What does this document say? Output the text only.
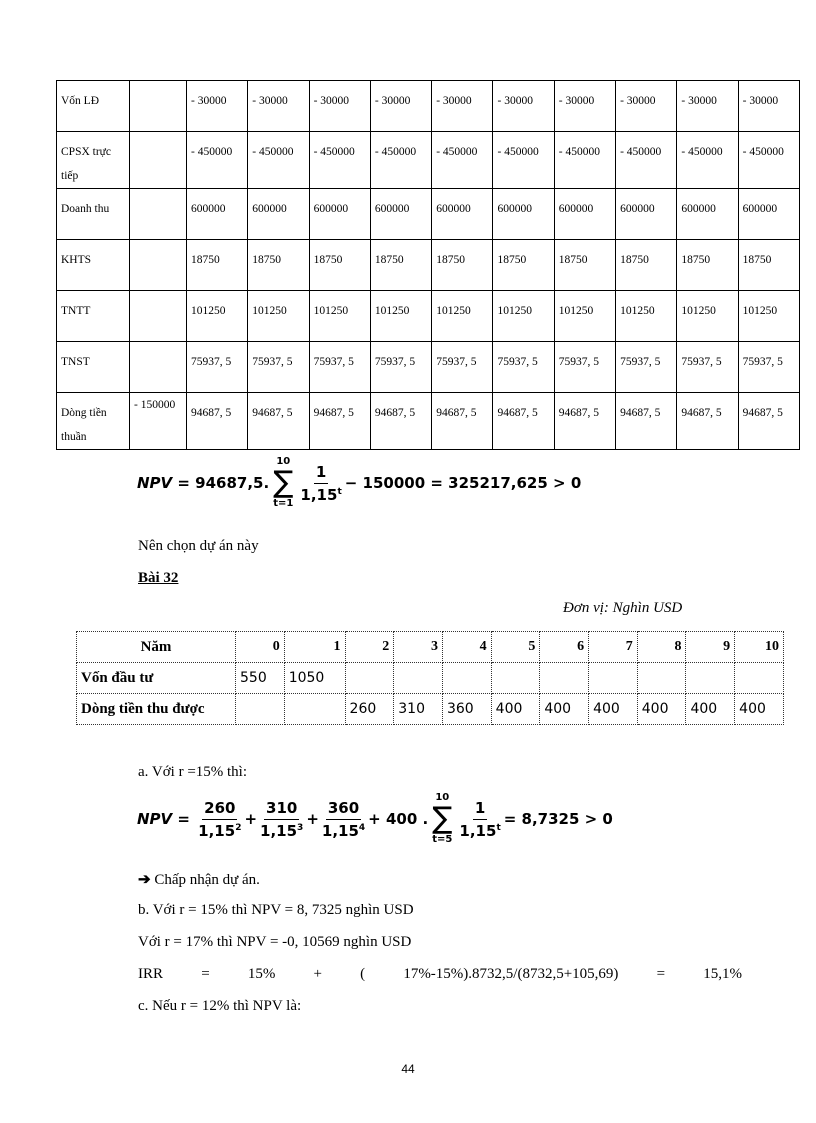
Vốn LĐ		- 30000	- 30000	- 30000	- 30000	- 30000	- 30000	- 30000	- 30000	- 30000	- 30000
CPSX trực tiếp		- 450000	- 450000	- 450000	- 450000	- 450000	- 450000	- 450000	- 450000	- 450000	- 450000
Doanh thu		600000	600000	600000	600000	600000	600000	600000	600000	600000	600000
KHTS		18750	18750	18750	18750	18750	18750	18750	18750	18750	18750
TNTT		101250	101250	101250	101250	101250	101250	101250	101250	101250	101250
TNST		75937, 5	75937, 5	75937, 5	75937, 5	75937, 5	75937, 5	75937, 5	75937, 5	75937, 5	75937, 5
Dòng tiền thuần	- 150000	94687, 5	94687, 5	94687, 5	94687, 5	94687, 5	94687, 5	94687, 5	94687, 5	94687, 5	94687, 5
NPV = 94687,5.
10
∑
$t=1 \frac{1}{1,15^t} - 150000 = 325217,625 > 0$
Nên chọn dự án này
Bài 32
Đơn vị: Nghìn USD
Năm	0	1	2	3	4	5	6	7	8	9	10
Vốn đầu tư	550	1050									
Dòng tiền thu được			260	310	360	400	400	400	400	400	400
a. Với r =15% thì:
NPV = $\frac{260}{1,15^2} + \frac{310}{1,15^3} + \frac{360}{1,15^4} + 400$ .
10
∑
$t=5 \frac{1}{1,15^t} = 8,7325 > 0$
➔ Chấp nhận dự án.
b. Với r = 15% thì NPV = 8, 7325 nghìn USD
Với r = 17% thì NPV = -0, 10569 nghìn USD
IRR	=	15%	+	(	17%-15%).8732,5/(8732,5+105,69)	=	15,1%
c. Nếu r = 12% thì NPV là:
44
